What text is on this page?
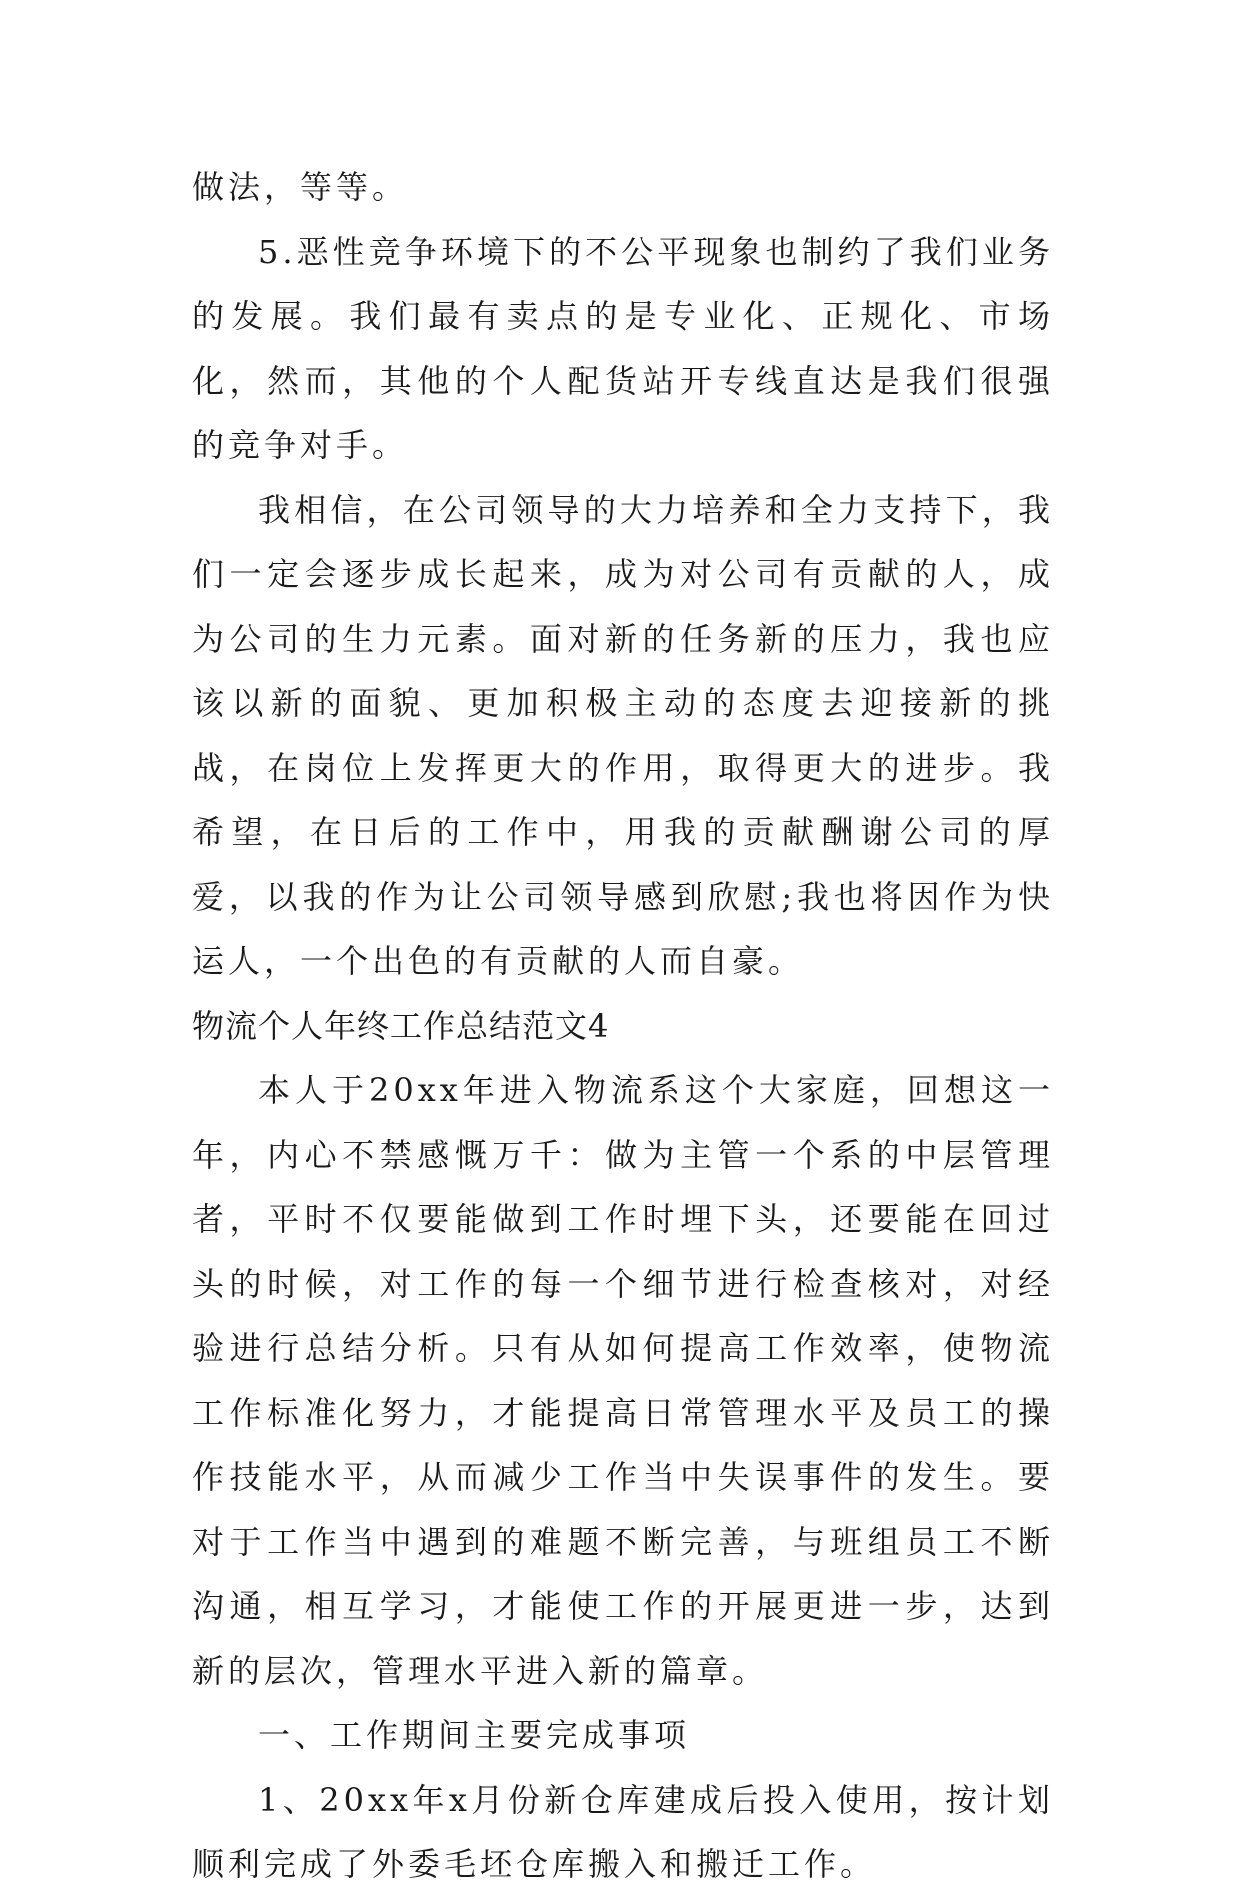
做法，等等。

5.恶性竞争环境下的不公平现象也制约了我们业务的发展。我们最有卖点的是专业化、正规化、市场化，然而，其他的个人配货站开专线直达是我们很强的竞争对手。

我相信，在公司领导的大力培养和全力支持下，我们一定会逐步成长起来，成为对公司有贡献的人，成为公司的生力元素。面对新的任务新的压力，我也应该以新的面貌、更加积极主动的态度去迎接新的挑战，在岗位上发挥更大的作用，取得更大的进步。我希望，在日后的工作中，用我的贡献酬谢公司的厚爱，以我的作为让公司领导感到欣慰;我也将因作为快运人，一个出色的有贡献的人而自豪。

物流个人年终工作总结范文4

本人于20xx年进入物流系这个大家庭，回想这一年，内心不禁感慨万千：做为主管一个系的中层管理者，平时不仅要能做到工作时埋下头，还要能在回过头的时候，对工作的每一个细节进行检查核对，对经验进行总结分析。只有从如何提高工作效率，使物流工作标准化努力，才能提高日常管理水平及员工的操作技能水平，从而减少工作当中失误事件的发生。要对于工作当中遇到的难题不断完善，与班组员工不断沟通，相互学习，才能使工作的开展更进一步，达到新的层次，管理水平进入新的篇章。

一、工作期间主要完成事项

1、20xx年x月份新仓库建成后投入使用，按计划顺利完成了外委毛坯仓库搬入和搬迁工作。
